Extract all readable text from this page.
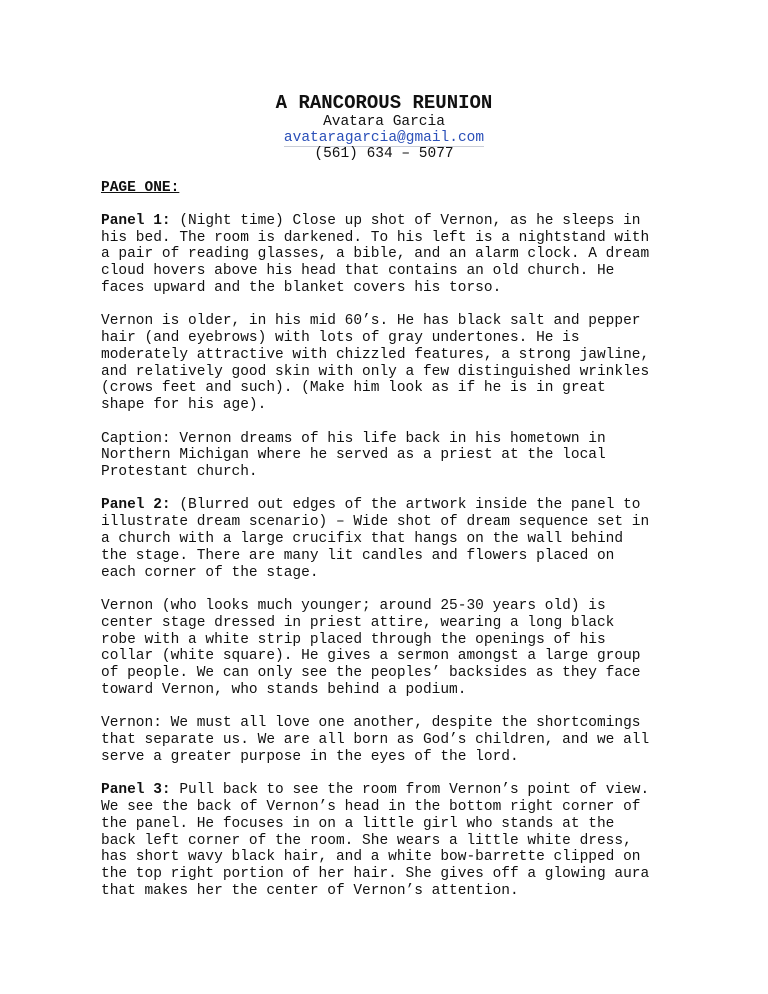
A RANCOROUS REUNION
Avatara Garcia
avataragarcia@gmail.com
(561) 634 – 5077
PAGE ONE:

Panel 1: (Night time) Close up shot of Vernon, as he sleeps in
his bed. The room is darkened. To his left is a nightstand with
a pair of reading glasses, a bible, and an alarm clock. A dream
cloud hovers above his head that contains an old church. He
faces upward and the blanket covers his torso.

Vernon is older, in his mid 60’s. He has black salt and pepper
hair (and eyebrows) with lots of gray undertones. He is
moderately attractive with chizzled features, a strong jawline,
and relatively good skin with only a few distinguished wrinkles
(crows feet and such). (Make him look as if he is in great
shape for his age).

Caption: Vernon dreams of his life back in his hometown in
Northern Michigan where he served as a priest at the local
Protestant church.

Panel 2: (Blurred out edges of the artwork inside the panel to
illustrate dream scenario) – Wide shot of dream sequence set in
a church with a large crucifix that hangs on the wall behind
the stage. There are many lit candles and flowers placed on
each corner of the stage.

Vernon (who looks much younger; around 25-30 years old) is
center stage dressed in priest attire, wearing a long black
robe with a white strip placed through the openings of his
collar (white square). He gives a sermon amongst a large group
of people. We can only see the peoples’ backsides as they face
toward Vernon, who stands behind a podium.

Vernon: We must all love one another, despite the shortcomings
that separate us. We are all born as God’s children, and we all
serve a greater purpose in the eyes of the lord.

Panel 3: Pull back to see the room from Vernon’s point of view.
We see the back of Vernon’s head in the bottom right corner of
the panel. He focuses in on a little girl who stands at the
back left corner of the room. She wears a little white dress,
has short wavy black hair, and a white bow-barrette clipped on
the top right portion of her hair. She gives off a glowing aura
that makes her the center of Vernon’s attention.
